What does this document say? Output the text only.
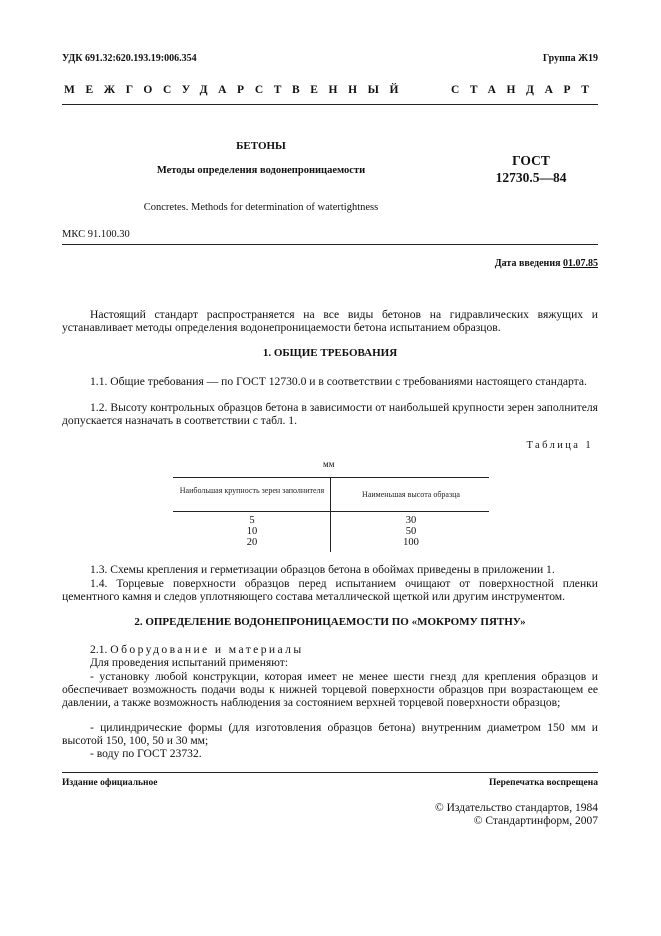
УДК 691.32:620.193.19:006.354	Группа Ж19
МЕЖГОСУДАРСТВЕННЫЙ	СТАНДАРТ
БЕТОНЫ
Методы определения водонепроницаемости
ГОСТ
12730.5—84
Concretes. Methods for determination of watertightness
МКС 91.100.30
Дата введения 01.07.85
Настоящий стандарт распространяется на все виды бетонов на гидравлических вяжущих и устанавливает методы определения водонепроницаемости бетона испытанием образцов.
1. ОБЩИЕ ТРЕБОВАНИЯ
1.1. Общие требования — по ГОСТ 12730.0 и в соответствии с требованиями настоящего стандарта.
1.2. Высоту контрольных образцов бетона в зависимости от наибольшей крупности зерен заполнителя допускается назначать в соответствии с табл. 1.
Таблица 1
мм
Наибольшая крупность зерен заполнителя	Наименьшая высота образца
5	30
10	50
20	100
1.3. Схемы крепления и герметизации образцов бетона в обоймах приведены в приложении 1.
1.4. Торцевые поверхности образцов перед испытанием очищают от поверхностной пленки цементного камня и следов уплотняющего состава металлической щеткой или другим инструментом.
2. ОПРЕДЕЛЕНИЕ ВОДОНЕПРОНИЦАЕМОСТИ ПО «МОКРОМУ ПЯТНУ»
2.1. Оборудование и материалы
Для проведения испытаний применяют:
- установку любой конструкции, которая имеет не менее шести гнезд для крепления образцов и обеспечивает возможность подачи воды к нижней торцевой поверхности образцов при возрастающем ее давлении, а также возможность наблюдения за состоянием верхней торцевой поверхности образцов;
- цилиндрические формы (для изготовления образцов бетона) внутренним диаметром 150 мм и высотой 150, 100, 50 и 30 мм;
- воду по ГОСТ 23732.
Издание официальное	Перепечатка воспрещена
© Издательство стандартов, 1984
© Стандартинформ, 2007
